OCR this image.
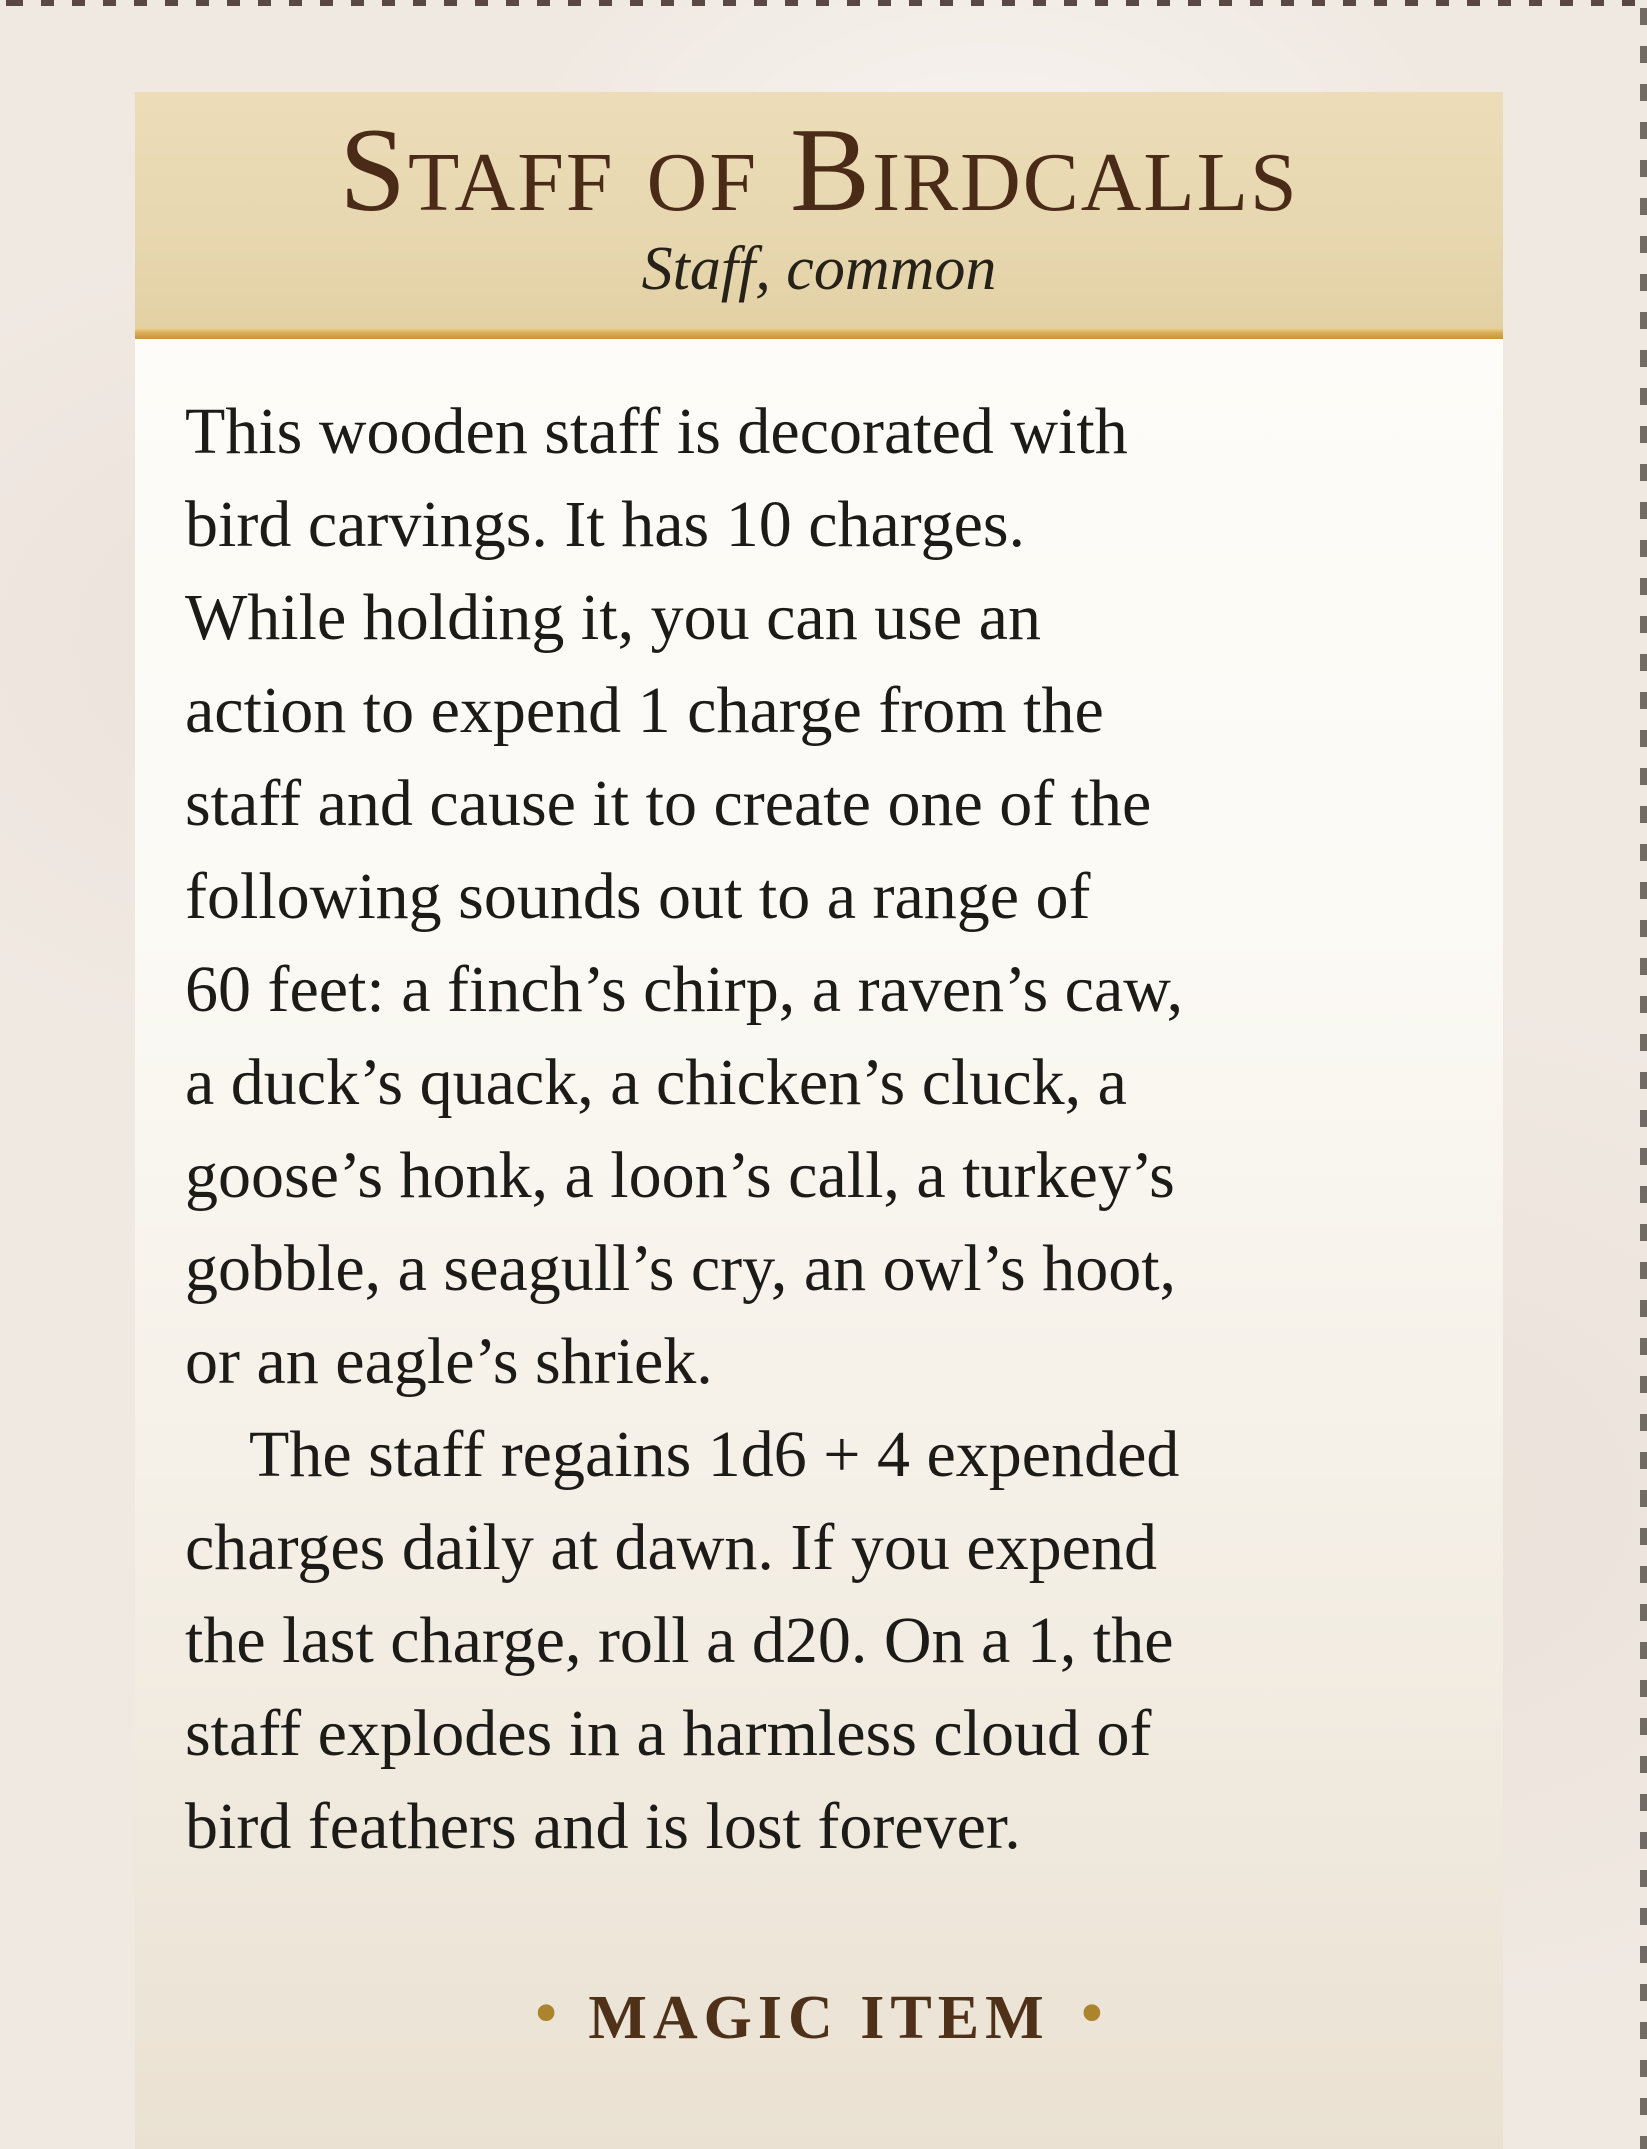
Staff of Birdcalls
Staff, common
This wooden staff is decorated with
bird carvings. It has 10 charges.
While holding it, you can use an
action to expend 1 charge from the
staff and cause it to create one of the
following sounds out to a range of
60 feet: a finch’s chirp, a raven’s caw,
a duck’s quack, a chicken’s cluck, a
goose’s honk, a loon’s call, a turkey’s
gobble, a seagull’s cry, an owl’s hoot,
or an eagle’s shriek.
The staff regains 1d6 + 4 expended
charges daily at dawn. If you expend
the last charge, roll a d20. On a 1, the
staff explodes in a harmless cloud of
bird feathers and is lost forever.
• MAGIC ITEM •
